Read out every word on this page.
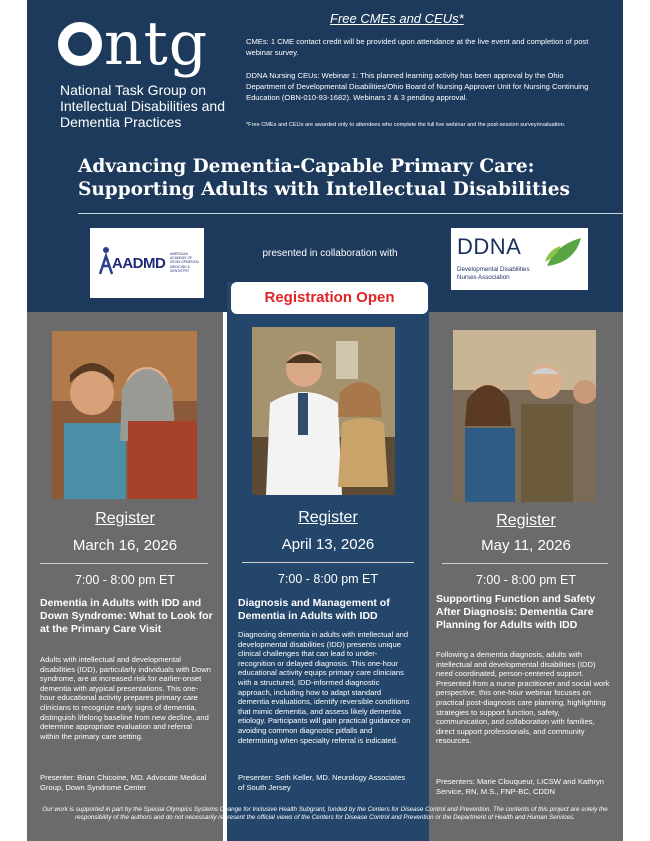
ntg
National Task Group on Intellectual Disabilities and Dementia Practices
Free CMEs and CEUs*
CMEs: 1 CME contact credit will be provided upon attendance at the live event and completion of post webinar survey.
DDNA Nursing CEUs: Webinar 1: This planned learning activity has been approval by the Ohio Department of Developmental Disabilities/Ohio Board of Nursing Approver Unit for Nursing Continuing Education (OBN-010-93-1682). Webinars 2 & 3 pending approval.
*Free CMEs and CEUs are awarded only to attendees who complete the full live webinar and the post-session survey/evaluation.
Advancing Dementia-Capable Primary Care: Supporting Adults with Intellectual Disabilities
AADMD
AMERICAN ACADEMY OF DEVELOPMENTAL MEDICINE & DENTISTRY
presented in collaboration with	DDNA
Developmental Disabilities Nurses Association
Registration Open
Register
March 16, 2026
7:00 - 8:00 pm ET
Dementia in Adults with IDD and Down Syndrome: What to Look for at the Primary Care Visit
Adults with intellectual and developmental disabilities (IDD), particularly individuals with Down syndrome, are at increased risk for earlier-onset dementia with atypical presentations. This one-hour educational activity prepares primary care clinicians to recognize early signs of dementia, distinguish lifelong baseline from new decline, and determine appropriate evaluation and referral within the primary care setting.
Presenter: Brian Chicoine, MD. Advocate Medical Group, Down Syndrome Center
Register
April 13, 2026
7:00 - 8:00 pm ET
Diagnosis and Management of Dementia in Adults with IDD
Diagnosing dementia in adults with intellectual and developmental disabilities (IDD) presents unique clinical challenges that can lead to under-recognition or delayed diagnosis. This one-hour educational activity equips primary care clinicians with a structured, IDD-informed diagnostic approach, including how to adapt standard dementia evaluations, identify reversible conditions that mimic dementia, and assess likely dementia etiology. Participants will gain practical guidance on avoiding common diagnostic pitfalls and determining when specialty referral is indicated.
Presenter: Seth Keller, MD. Neurology Associates of South Jersey
Register
May 11, 2026
7:00 - 8:00 pm ET
Supporting Function and Safety After Diagnosis: Dementia Care Planning for Adults with IDD
Following a dementia diagnosis, adults with intellectual and developmental disabilities (IDD) need coordinated, person-centered support. Presented from a nurse practitioner and social work perspective, this one-hour webinar focuses on practical post-diagnosis care planning, highlighting strategies to support function, safety, communication, and collaboration with families, direct support professionals, and community resources.
Presenters: Marie Clouqueur, LICSW and Kathryn Service, RN, M.S., FNP-BC, CDDN
Our work is supported in part by the Special Olympics Systems Change for Inclusive Health Subgrant, funded by the Centers for Disease Control and Prevention. The contents of this project are solely the responsibility of the authors and do not necessarily represent the official views of the Centers for Disease Control and Prevention or the Department of Health and Human Services.
